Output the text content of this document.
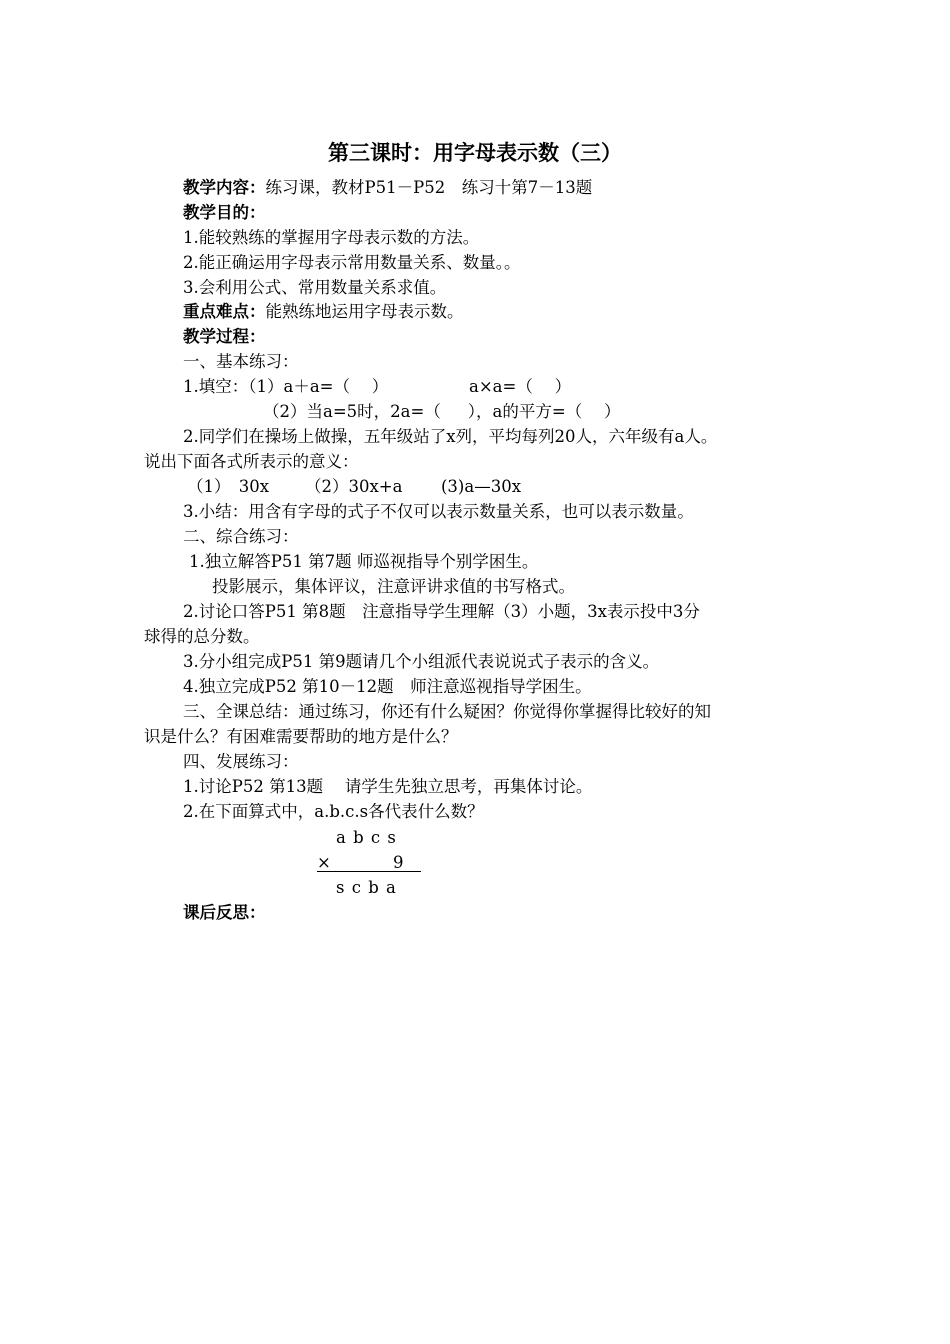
第三课时：用字母表示数（三）
教学内容：练习课，教材P51－P52　练习十第7－13题
教学目的：
1.能较熟练的掌握用字母表示数的方法。
2.能正确运用字母表示常用数量关系、数量。。
3.会利用公式、常用数量关系求值。
重点难点：能熟练地运用字母表示数。
教学过程：
一、基本练习：
1.填空：（1）a＋a=（　 ）	a×a=（　 ）
（2）当a=5时，2a=（　  ），a的平方=（　 ）
2.同学们在操场上做操，五年级站了x列，平均每列20人，六年级有a人。
说出下面各式所表示的意义：
（1）　30x （2）30x+a (3)a—30x
3.小结：用含有字母的式子不仅可以表示数量关系，也可以表示数量。
二、综合练习：
1.独立解答P51 第7题 师巡视指导个别学困生。
投影展示，集体评议，注意评讲求值的书写格式。
2.讨论口答P51 第8题　注意指导学生理解（3）小题，3x表示投中3分
球得的总分数。
3.分小组完成P51 第9题请几个小组派代表说说式子表示的含义。
4.独立完成P52 第10－12题　师注意巡视指导学困生。
三、全课总结：通过练习，你还有什么疑困？你觉得你掌握得比较好的知
识是什么？有困难需要帮助的地方是什么？
四、发展练习：
1.讨论P52 第13题　 请学生先独立思考，再集体讨论。
2.在下面算式中，a.b.c.s各代表什么数？
a b c s
×	9
s c b a
课后反思：
